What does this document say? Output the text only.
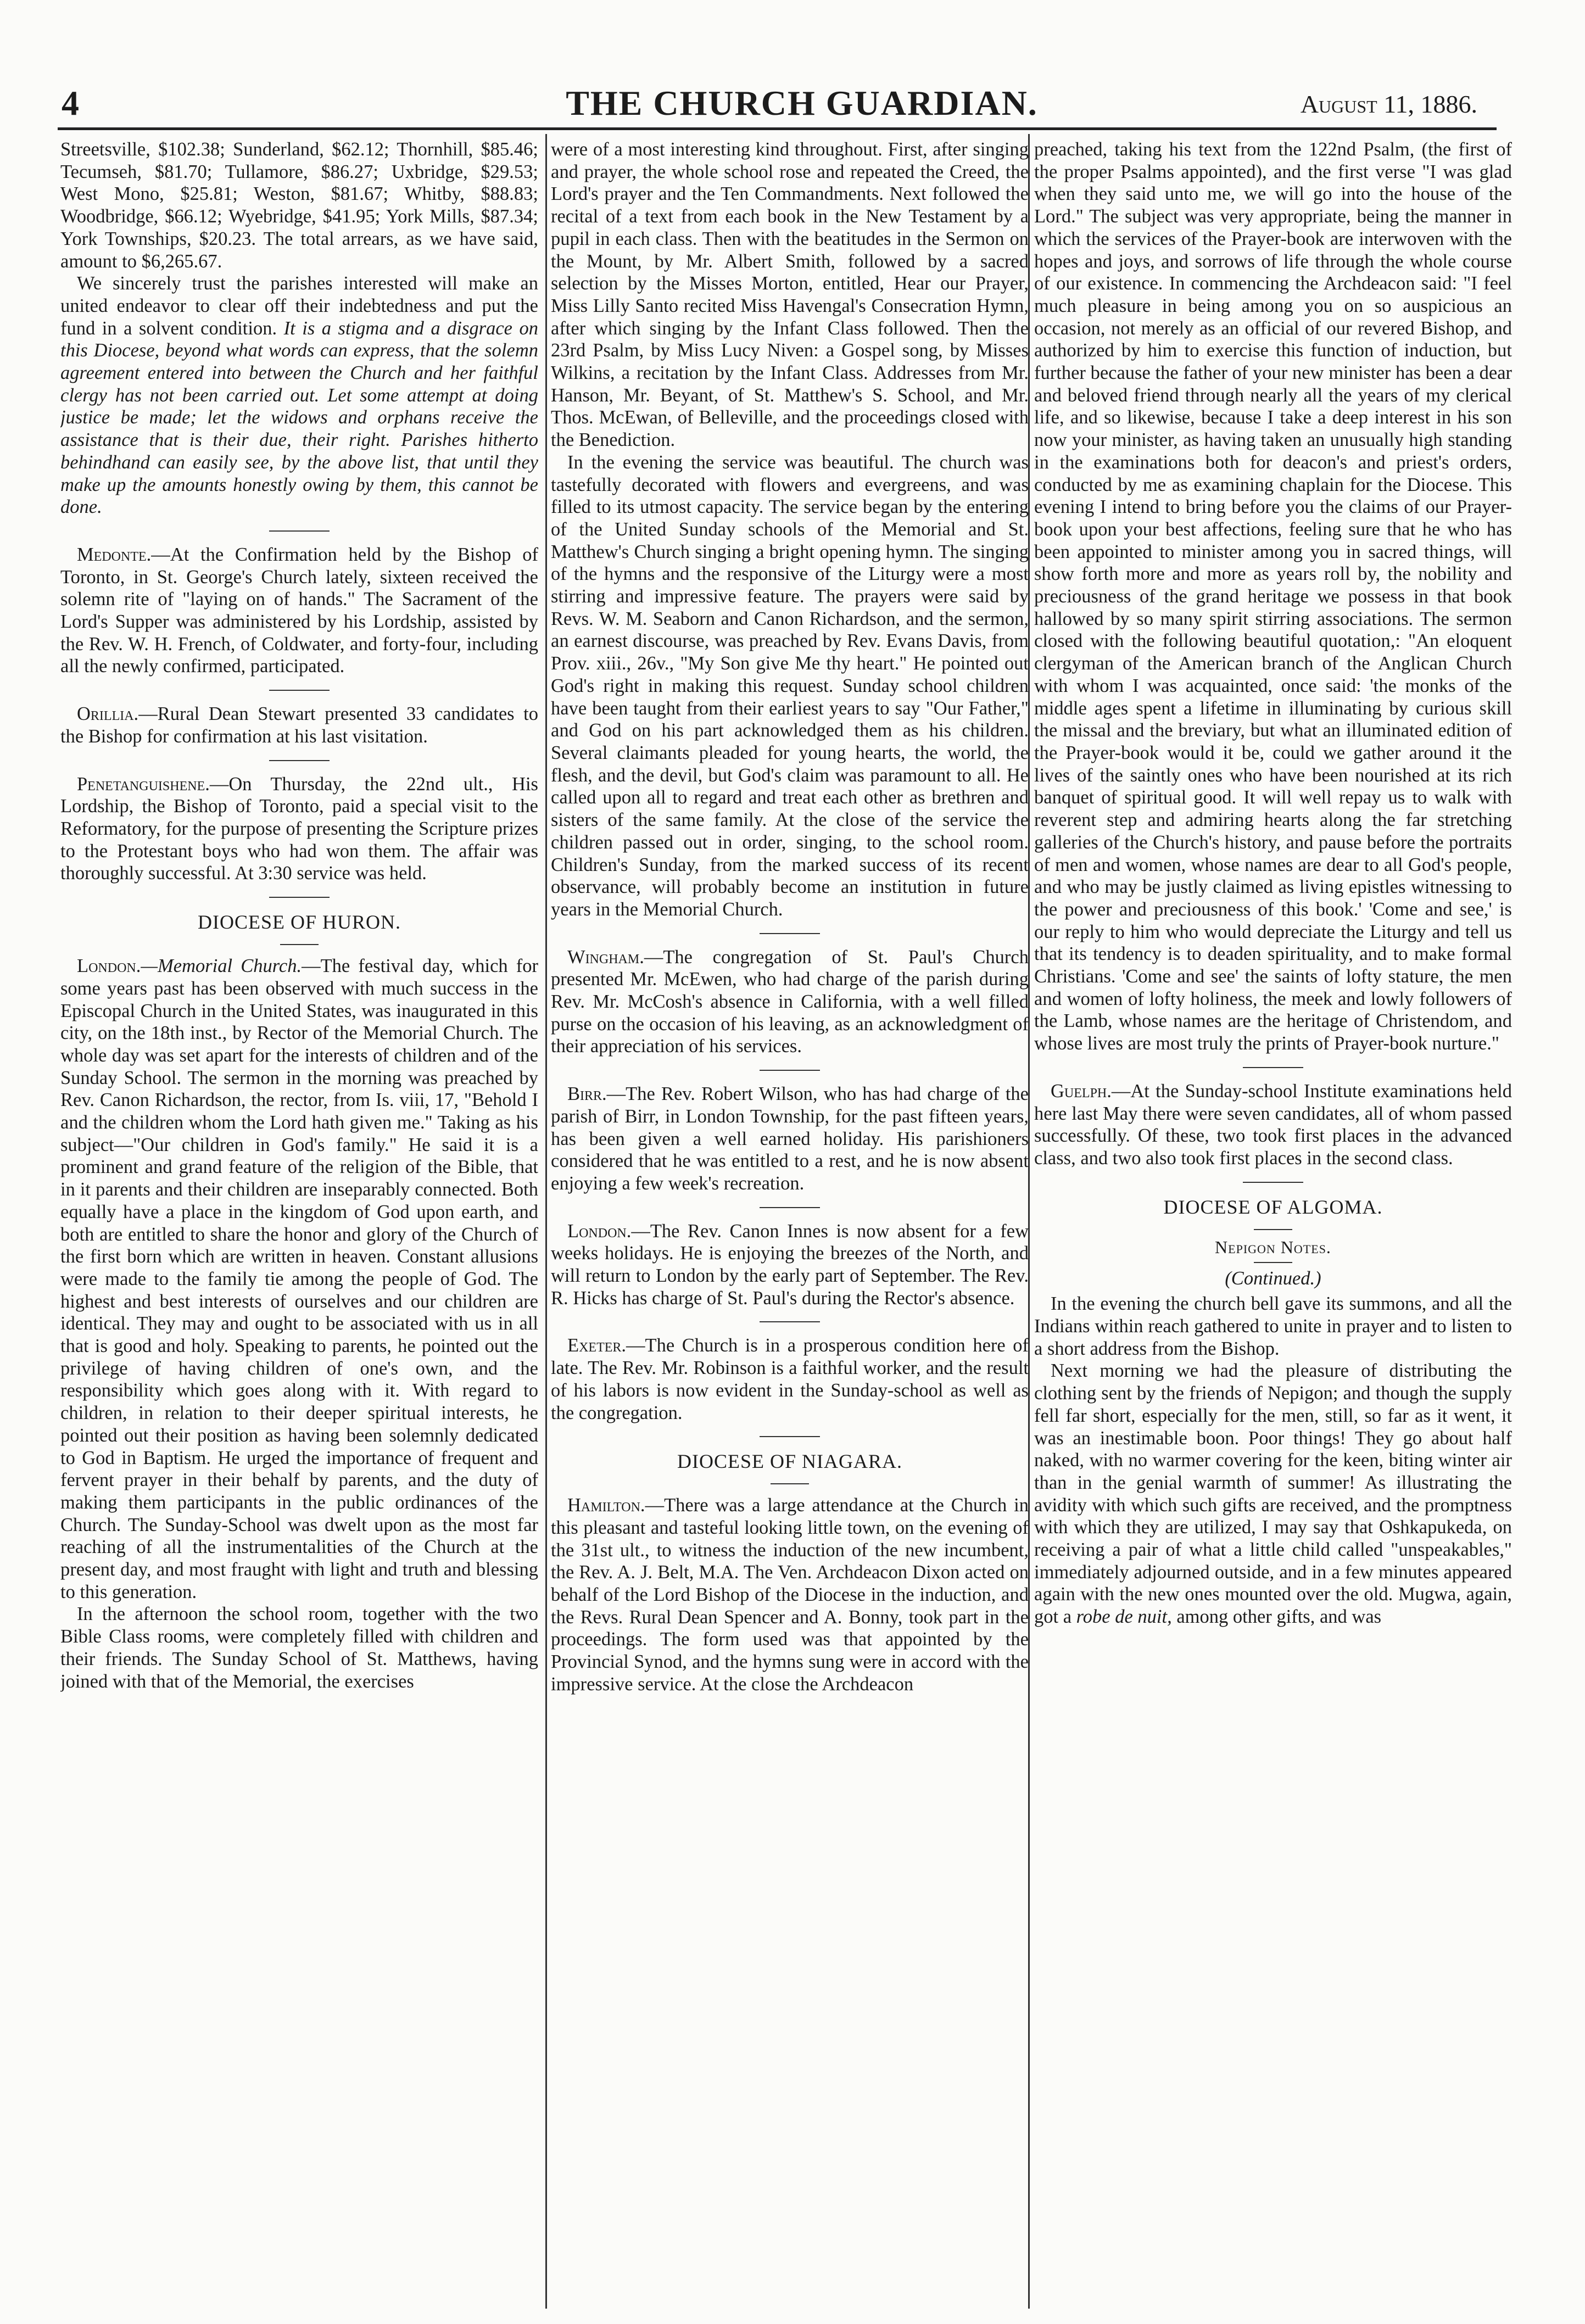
4	THE CHURCH GUARDIAN.	August 11, 1886.

Streetsville, $102.38; Sunderland, $62.12; Thornhill, $85.46; Tecumseh, $81.70; Tullamore, $86.27; Uxbridge, $29.53; West Mono, $25.81; Weston, $81.67; Whitby, $88.83; Woodbridge, $66.12; Wyebridge, $41.95; York Mills, $87.34; York Townships, $20.23. The total arrears, as we have said, amount to $6,265.67.

We sincerely trust the parishes interested will make an united endeavor to clear off their indebtedness and put the fund in a solvent condition. It is a stigma and a disgrace on this Diocese, beyond what words can express, that the solemn agreement entered into between the Church and her faithful clergy has not been carried out. Let some attempt at doing justice be made; let the widows and orphans receive the assistance that is their due, their right. Parishes hitherto behindhand can easily see, by the above list, that until they make up the amounts honestly owing by them, this cannot be done.

Medonte.—At the Confirmation held by the Bishop of Toronto, in St. George's Church lately, sixteen received the solemn rite of "laying on of hands." The Sacrament of the Lord's Supper was administered by his Lordship, assisted by the Rev. W. H. French, of Coldwater, and forty-four, including all the newly confirmed, participated.

Orillia.—Rural Dean Stewart presented 33 candidates to the Bishop for confirmation at his last visitation.

Penetanguishene.—On Thursday, the 22nd ult., His Lordship, the Bishop of Toronto, paid a special visit to the Reformatory, for the purpose of presenting the Scripture prizes to the Protestant boys who had won them. The affair was thoroughly successful. At 3:30 service was held.

DIOCESE OF HURON.

London.—Memorial Church.—The festival day, which for some years past has been observed with much success in the Episcopal Church in the United States, was inaugurated in this city, on the 18th inst., by Rector of the Memorial Church. The whole day was set apart for the interests of children and of the Sunday School. The sermon in the morning was preached by Rev. Canon Richardson, the rector, from Is. viii, 17, "Behold I and the children whom the Lord hath given me." Taking as his subject—"Our children in God's family." He said it is a prominent and grand feature of the religion of the Bible, that in it parents and their children are inseparably connected. Both equally have a place in the kingdom of God upon earth, and both are entitled to share the honor and glory of the Church of the first born which are written in heaven. Constant allusions were made to the family tie among the people of God. The highest and best interests of ourselves and our children are identical. They may and ought to be associated with us in all that is good and holy. Speaking to parents, he pointed out the privilege of having children of one's own, and the responsibility which goes along with it. With regard to children, in relation to their deeper spiritual interests, he pointed out their position as having been solemnly dedicated to God in Baptism. He urged the importance of frequent and fervent prayer in their behalf by parents, and the duty of making them participants in the public ordinances of the Church. The Sunday-School was dwelt upon as the most far reaching of all the instrumentalities of the Church at the present day, and most fraught with light and truth and blessing to this generation.

In the afternoon the school room, together with the two Bible Class rooms, were completely filled with children and their friends. The Sunday School of St. Matthews, having joined with that of the Memorial, the exercises

were of a most interesting kind throughout. First, after singing and prayer, the whole school rose and repeated the Creed, the Lord's prayer and the Ten Commandments. Next followed the recital of a text from each book in the New Testament by a pupil in each class. Then with the beatitudes in the Sermon on the Mount, by Mr. Albert Smith, followed by a sacred selection by the Misses Morton, entitled, Hear our Prayer, Miss Lilly Santo recited Miss Havengal's Consecration Hymn, after which singing by the Infant Class followed. Then the 23rd Psalm, by Miss Lucy Niven: a Gospel song, by Misses Wilkins, a recitation by the Infant Class. Addresses from Mr. Hanson, Mr. Beyant, of St. Matthew's S. School, and Mr. Thos. McEwan, of Belleville, and the proceedings closed with the Benediction.

In the evening the service was beautiful. The church was tastefully decorated with flowers and evergreens, and was filled to its utmost capacity. The service began by the entering of the United Sunday schools of the Memorial and St. Matthew's Church singing a bright opening hymn. The singing of the hymns and the responsive of the Liturgy were a most stirring and impressive feature. The prayers were said by Revs. W. M. Seaborn and Canon Richardson, and the sermon, an earnest discourse, was preached by Rev. Evans Davis, from Prov. xiii., 26v., "My Son give Me thy heart." He pointed out God's right in making this request. Sunday school children have been taught from their earliest years to say "Our Father," and God on his part acknowledged them as his children. Several claimants pleaded for young hearts, the world, the flesh, and the devil, but God's claim was paramount to all. He called upon all to regard and treat each other as brethren and sisters of the same family. At the close of the service the children passed out in order, singing, to the school room. Children's Sunday, from the marked success of its recent observance, will probably become an institution in future years in the Memorial Church.

Wingham.—The congregation of St. Paul's Church presented Mr. McEwen, who had charge of the parish during Rev. Mr. McCosh's absence in California, with a well filled purse on the occasion of his leaving, as an acknowledgment of their appreciation of his services.

Birr.—The Rev. Robert Wilson, who has had charge of the parish of Birr, in London Township, for the past fifteen years, has been given a well earned holiday. His parishioners considered that he was entitled to a rest, and he is now absent enjoying a few week's recreation.

London.—The Rev. Canon Innes is now absent for a few weeks holidays. He is enjoying the breezes of the North, and will return to London by the early part of September. The Rev. R. Hicks has charge of St. Paul's during the Rector's absence.

Exeter.—The Church is in a prosperous condition here of late. The Rev. Mr. Robinson is a faithful worker, and the result of his labors is now evident in the Sunday-school as well as the congregation.

DIOCESE OF NIAGARA.

Hamilton.—There was a large attendance at the Church in this pleasant and tasteful looking little town, on the evening of the 31st ult., to witness the induction of the new incumbent, the Rev. A. J. Belt, M.A. The Ven. Archdeacon Dixon acted on behalf of the Lord Bishop of the Diocese in the induction, and the Revs. Rural Dean Spencer and A. Bonny, took part in the proceedings. The form used was that appointed by the Provincial Synod, and the hymns sung were in accord with the impressive service. At the close the Archdeacon

preached, taking his text from the 122nd Psalm, (the first of the proper Psalms appointed), and the first verse "I was glad when they said unto me, we will go into the house of the Lord." The subject was very appropriate, being the manner in which the services of the Prayer-book are interwoven with the hopes and joys, and sorrows of life through the whole course of our existence. In commencing the Archdeacon said: "I feel much pleasure in being among you on so auspicious an occasion, not merely as an official of our revered Bishop, and authorized by him to exercise this function of induction, but further because the father of your new minister has been a dear and beloved friend through nearly all the years of my clerical life, and so likewise, because I take a deep interest in his son now your minister, as having taken an unusually high standing in the examinations both for deacon's and priest's orders, conducted by me as examining chaplain for the Diocese. This evening I intend to bring before you the claims of our Prayer-book upon your best affections, feeling sure that he who has been appointed to minister among you in sacred things, will show forth more and more as years roll by, the nobility and preciousness of the grand heritage we possess in that book hallowed by so many spirit stirring associations. The sermon closed with the following beautiful quotation,: "An eloquent clergyman of the American branch of the Anglican Church with whom I was acquainted, once said: 'the monks of the middle ages spent a lifetime in illuminating by curious skill the missal and the breviary, but what an illuminated edition of the Prayer-book would it be, could we gather around it the lives of the saintly ones who have been nourished at its rich banquet of spiritual good. It will well repay us to walk with reverent step and admiring hearts along the far stretching galleries of the Church's history, and pause before the portraits of men and women, whose names are dear to all God's people, and who may be justly claimed as living epistles witnessing to the power and preciousness of this book.' 'Come and see,' is our reply to him who would depreciate the Liturgy and tell us that its tendency is to deaden spirituality, and to make formal Christians. 'Come and see' the saints of lofty stature, the men and women of lofty holiness, the meek and lowly followers of the Lamb, whose names are the heritage of Christendom, and whose lives are most truly the prints of Prayer-book nurture."

Guelph.—At the Sunday-school Institute examinations held here last May there were seven candidates, all of whom passed successfully. Of these, two took first places in the advanced class, and two also took first places in the second class.

DIOCESE OF ALGOMA.
Nepigon Notes.

(Continued.)

In the evening the church bell gave its summons, and all the Indians within reach gathered to unite in prayer and to listen to a short address from the Bishop.

Next morning we had the pleasure of distributing the clothing sent by the friends of Nepigon; and though the supply fell far short, especially for the men, still, so far as it went, it was an inestimable boon. Poor things! They go about half naked, with no warmer covering for the keen, biting winter air than in the genial warmth of summer! As illustrating the avidity with which such gifts are received, and the promptness with which they are utilized, I may say that Oshkapukeda, on receiving a pair of what a little child called "unspeakables," immediately adjourned outside, and in a few minutes appeared again with the new ones mounted over the old. Mugwa, again, got a robe de nuit, among other gifts, and was
